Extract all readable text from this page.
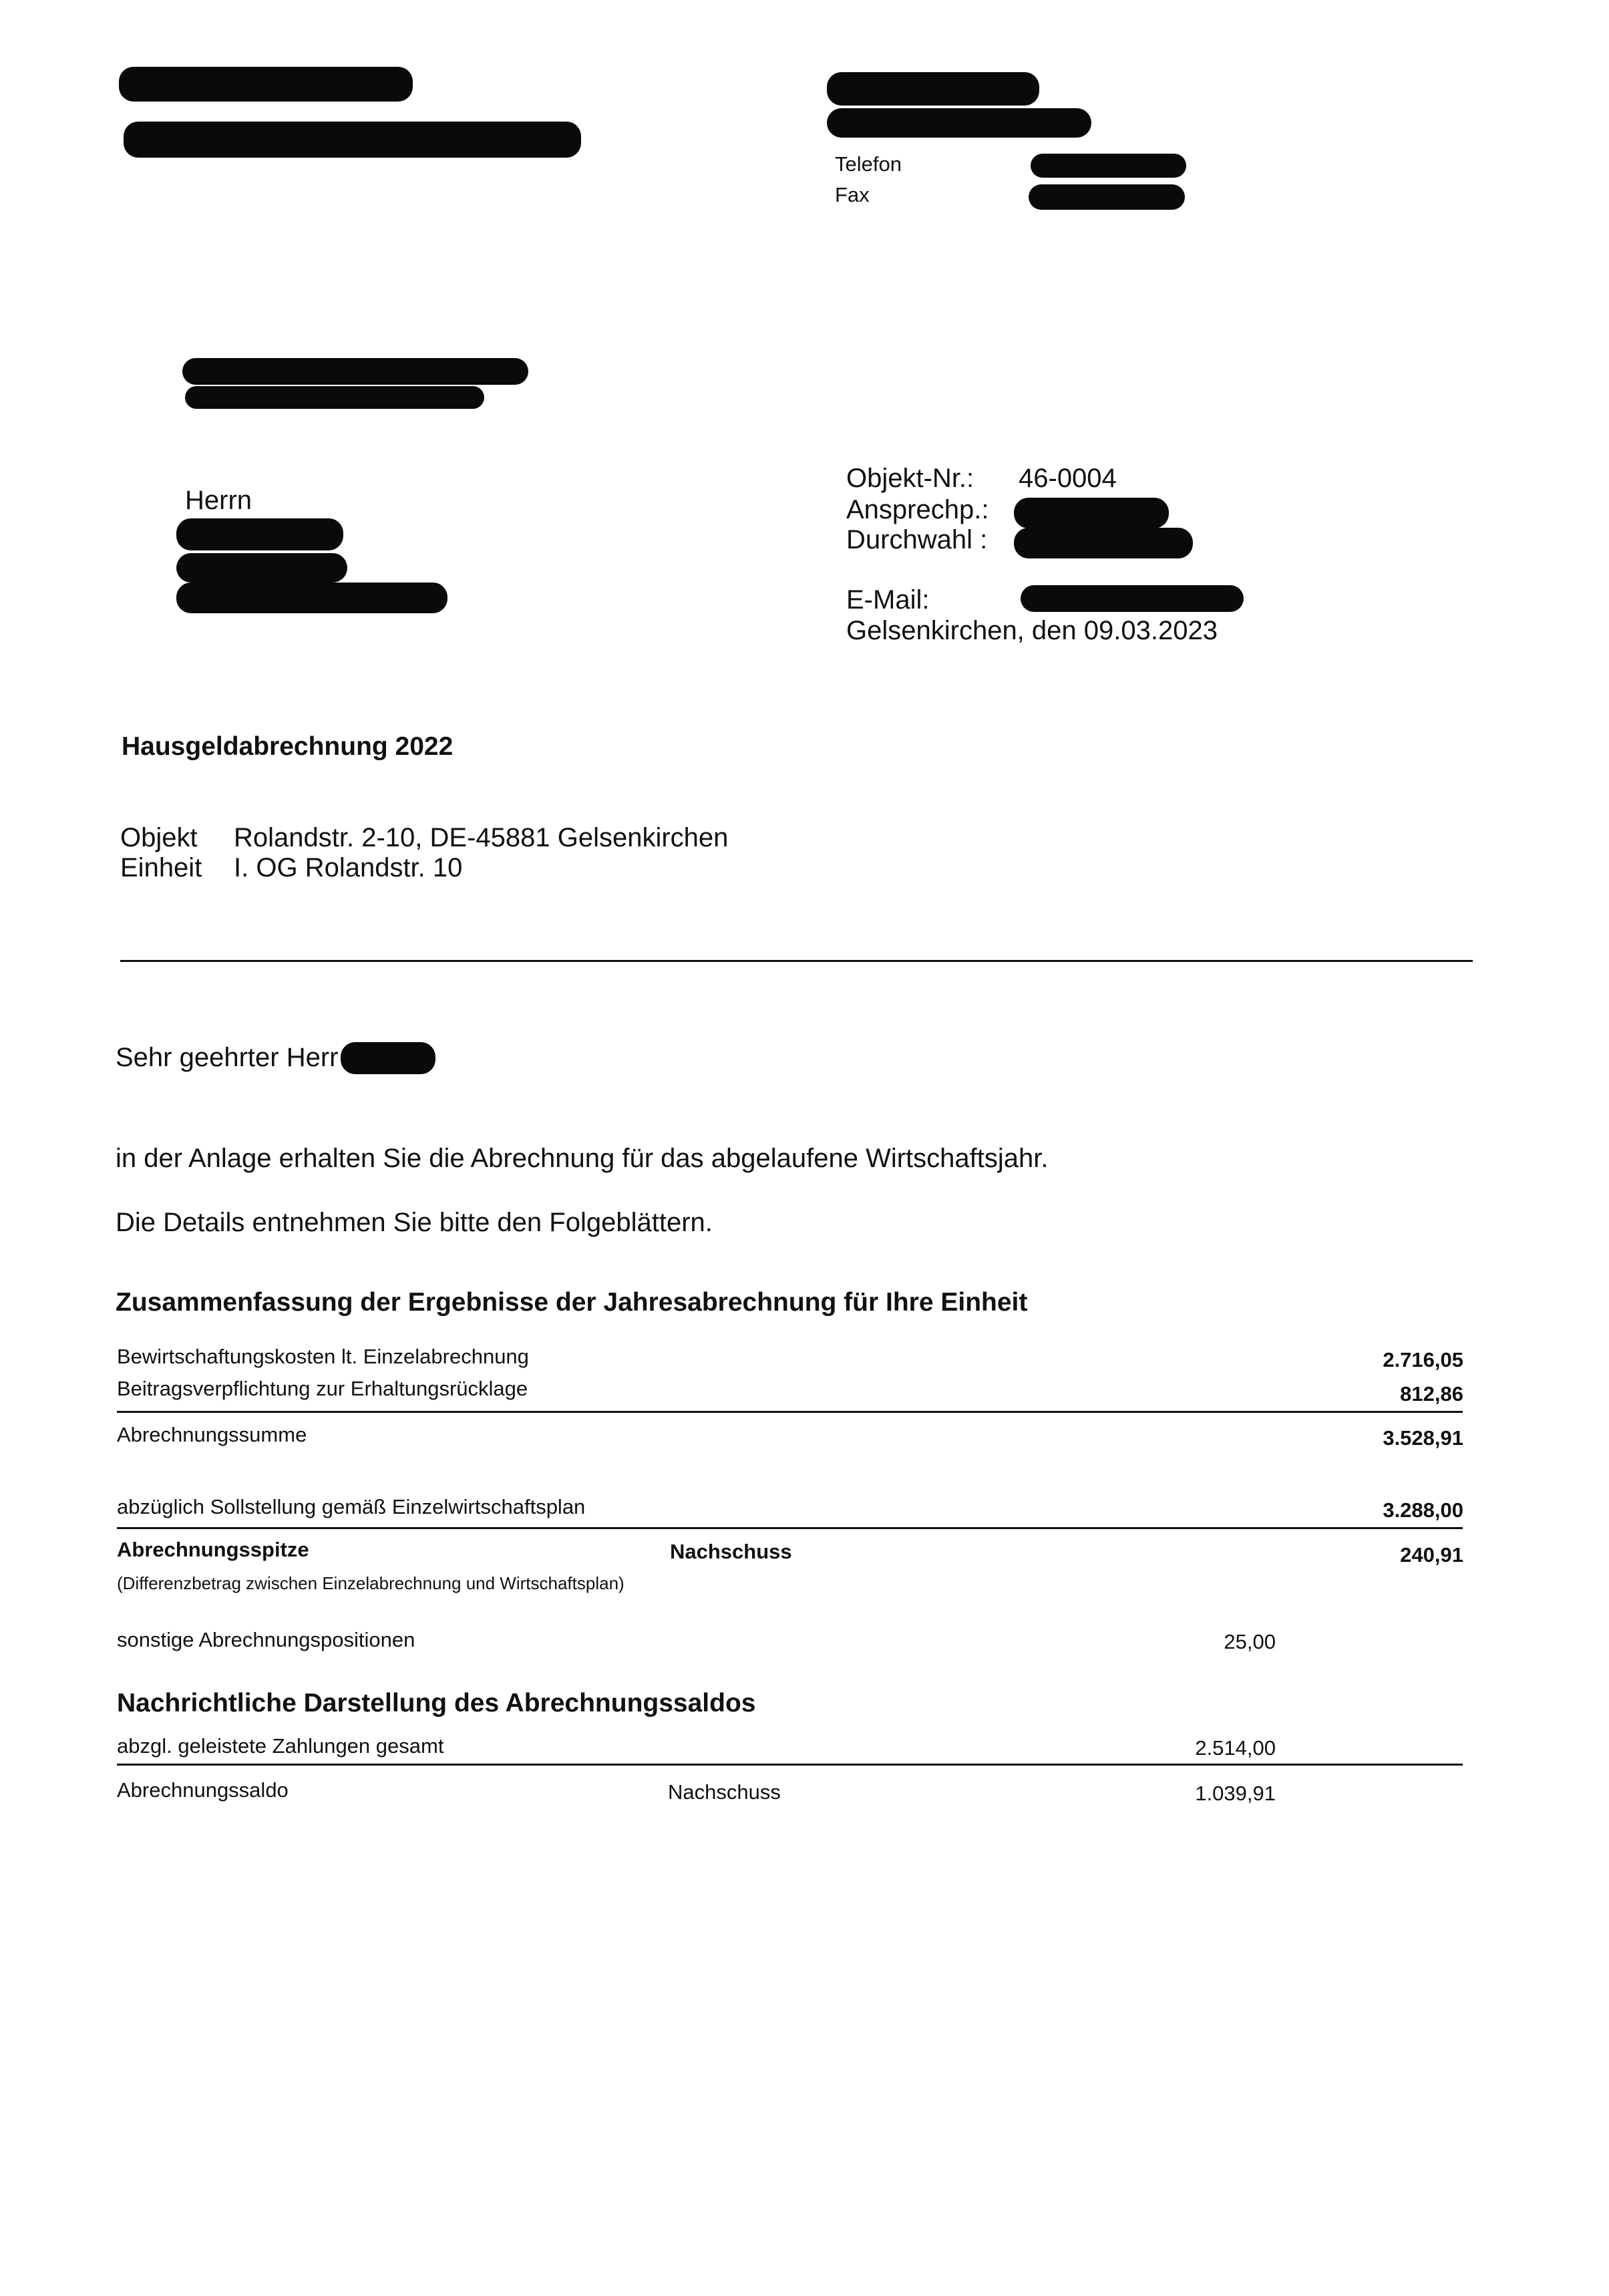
Telefon
Fax
Herrn
Objekt-Nr.: 46-0004
Ansprechp.:
Durchwahl :
E-Mail:
Gelsenkirchen, den 09.03.2023
Hausgeldabrechnung 2022
Objekt Rolandstr. 2-10, DE-45881 Gelsenkirchen
Einheit I. OG Rolandstr. 10
Sehr geehrter Herr
in der Anlage erhalten Sie die Abrechnung für das abgelaufene Wirtschaftsjahr.
Die Details entnehmen Sie bitte den Folgeblättern.
Zusammenfassung der Ergebnisse der Jahresabrechnung für Ihre Einheit
Bewirtschaftungskosten lt. Einzelabrechnung	2.716,05
Beitragsverpflichtung zur Erhaltungsrücklage	812,86
Abrechnungssumme	3.528,91
abzüglich Sollstellung gemäß Einzelwirtschaftsplan	3.288,00
Abrechnungsspitze	Nachschuss	240,91
(Differenzbetrag zwischen Einzelabrechnung und Wirtschaftsplan)
sonstige Abrechnungspositionen	25,00
Nachrichtliche Darstellung des Abrechnungssaldos
abzgl. geleistete Zahlungen gesamt	2.514,00
Abrechnungssaldo	Nachschuss	1.039,91
